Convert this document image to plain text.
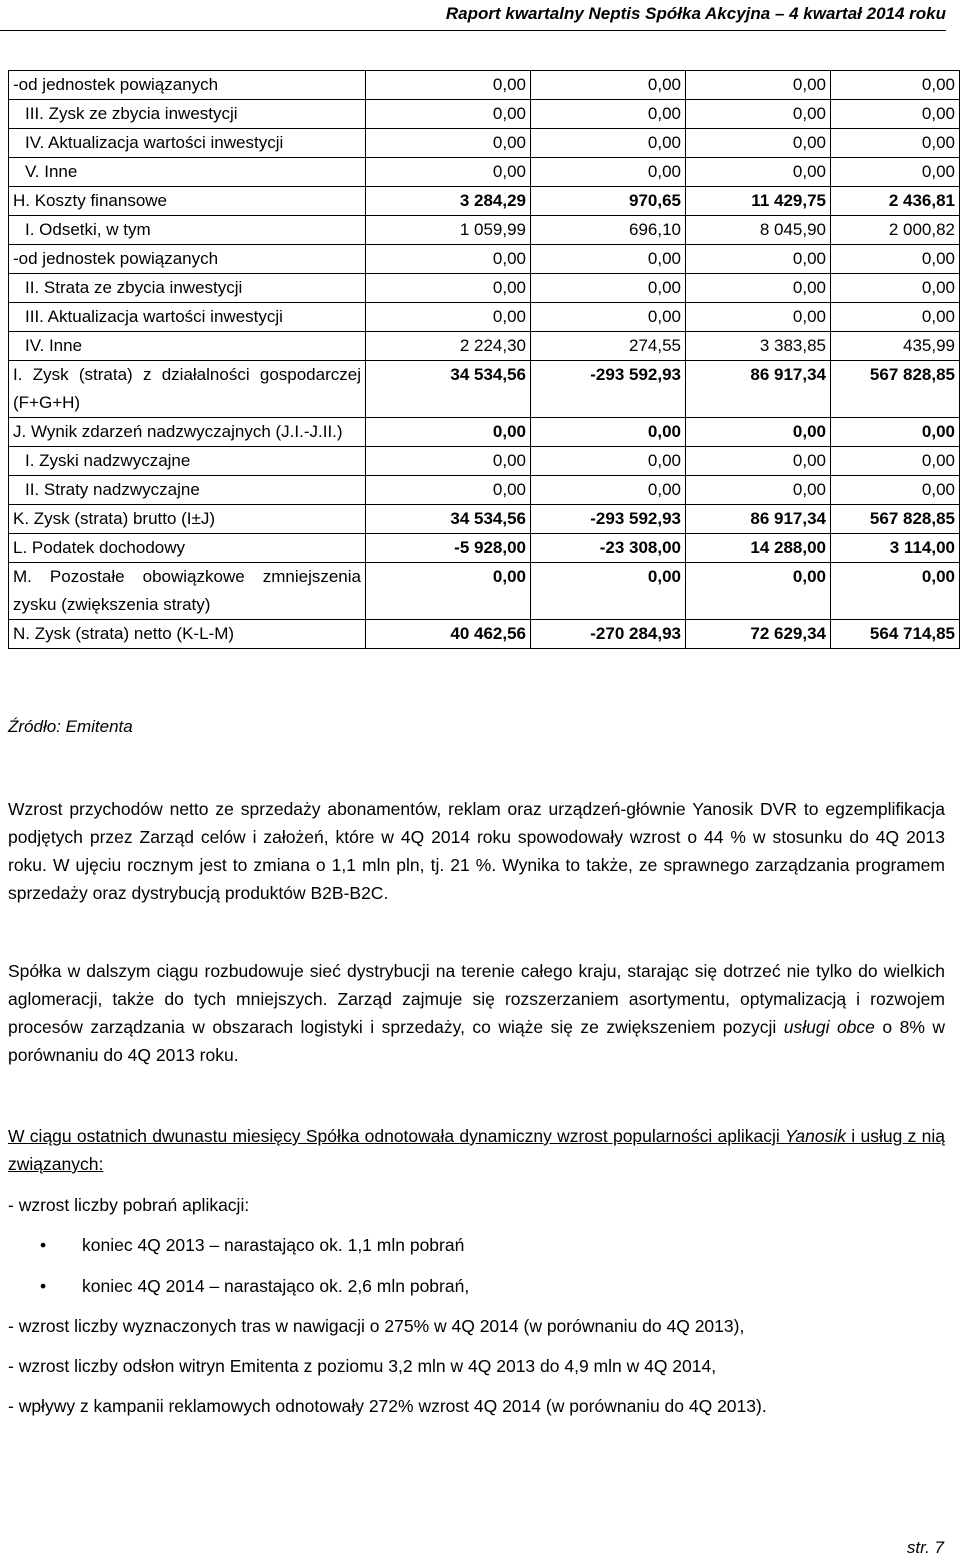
Raport kwartalny Neptis Spółka Akcyjna – 4 kwartał 2014 roku
-od jednostek powiązanych	0,00	0,00	0,00	0,00
III. Zysk ze zbycia inwestycji	0,00	0,00	0,00	0,00
IV. Aktualizacja wartości inwestycji	0,00	0,00	0,00	0,00
V. Inne	0,00	0,00	0,00	0,00
H. Koszty finansowe	3 284,29	970,65	11 429,75	2 436,81
I. Odsetki, w tym	1 059,99	696,10	8 045,90	2 000,82
-od jednostek powiązanych	0,00	0,00	0,00	0,00
II. Strata ze zbycia inwestycji	0,00	0,00	0,00	0,00
III. Aktualizacja wartości inwestycji	0,00	0,00	0,00	0,00
IV. Inne	2 224,30	274,55	3 383,85	435,99
I. Zysk (strata) z działalności gospodarczej (F+G+H)	34 534,56	-293 592,93	86 917,34	567 828,85
J. Wynik zdarzeń nadzwyczajnych (J.I.-J.II.)	0,00	0,00	0,00	0,00
I. Zyski nadzwyczajne	0,00	0,00	0,00	0,00
II. Straty nadzwyczajne	0,00	0,00	0,00	0,00
K. Zysk (strata) brutto (I±J)	34 534,56	-293 592,93	86 917,34	567 828,85
L. Podatek dochodowy	-5 928,00	-23 308,00	14 288,00	3 114,00
M. Pozostałe obowiązkowe zmniejszenia zysku (zwiększenia straty)	0,00	0,00	0,00	0,00
N. Zysk (strata) netto (K-L-M)	40 462,56	-270 284,93	72 629,34	564 714,85
Źródło: Emitenta

Wzrost przychodów netto ze sprzedaży abonamentów, reklam oraz urządzeń-głównie Yanosik DVR to egzemplifikacja podjętych przez Zarząd celów i założeń, które w 4Q 2014 roku spowodowały wzrost o 44 % w stosunku do 4Q 2013 roku. W ujęciu rocznym jest to zmiana o 1,1 mln pln, tj. 21 %. Wynika to także, ze sprawnego zarządzania programem sprzedaży oraz dystrybucją produktów B2B-B2C.

Spółka w dalszym ciągu rozbudowuje sieć dystrybucji na terenie całego kraju, starając się dotrzeć nie tylko do wielkich aglomeracji, także do tych mniejszych. Zarząd zajmuje się rozszerzaniem asortymentu, optymalizacją i rozwojem procesów zarządzania w obszarach logistyki i sprzedaży, co wiąże się ze zwiększeniem pozycji usługi obce o 8% w porównaniu do 4Q 2013 roku.

W ciągu ostatnich dwunastu miesięcy Spółka odnotowała dynamiczny wzrost popularności aplikacji Yanosik i usług z nią związanych:

- wzrost liczby pobrań aplikacji:
• koniec 4Q 2013 – narastająco ok. 1,1 mln pobrań
• koniec 4Q 2014 – narastająco ok. 2,6 mln pobrań,
- wzrost liczby wyznaczonych tras w nawigacji o 275% w 4Q 2014 (w porównaniu do 4Q 2013),
- wzrost liczby odsłon witryn Emitenta z poziomu 3,2 mln w 4Q 2013 do 4,9 mln w 4Q 2014,
- wpływy z kampanii reklamowych odnotowały 272% wzrost 4Q 2014 (w porównaniu do 4Q 2013).
str. 7
